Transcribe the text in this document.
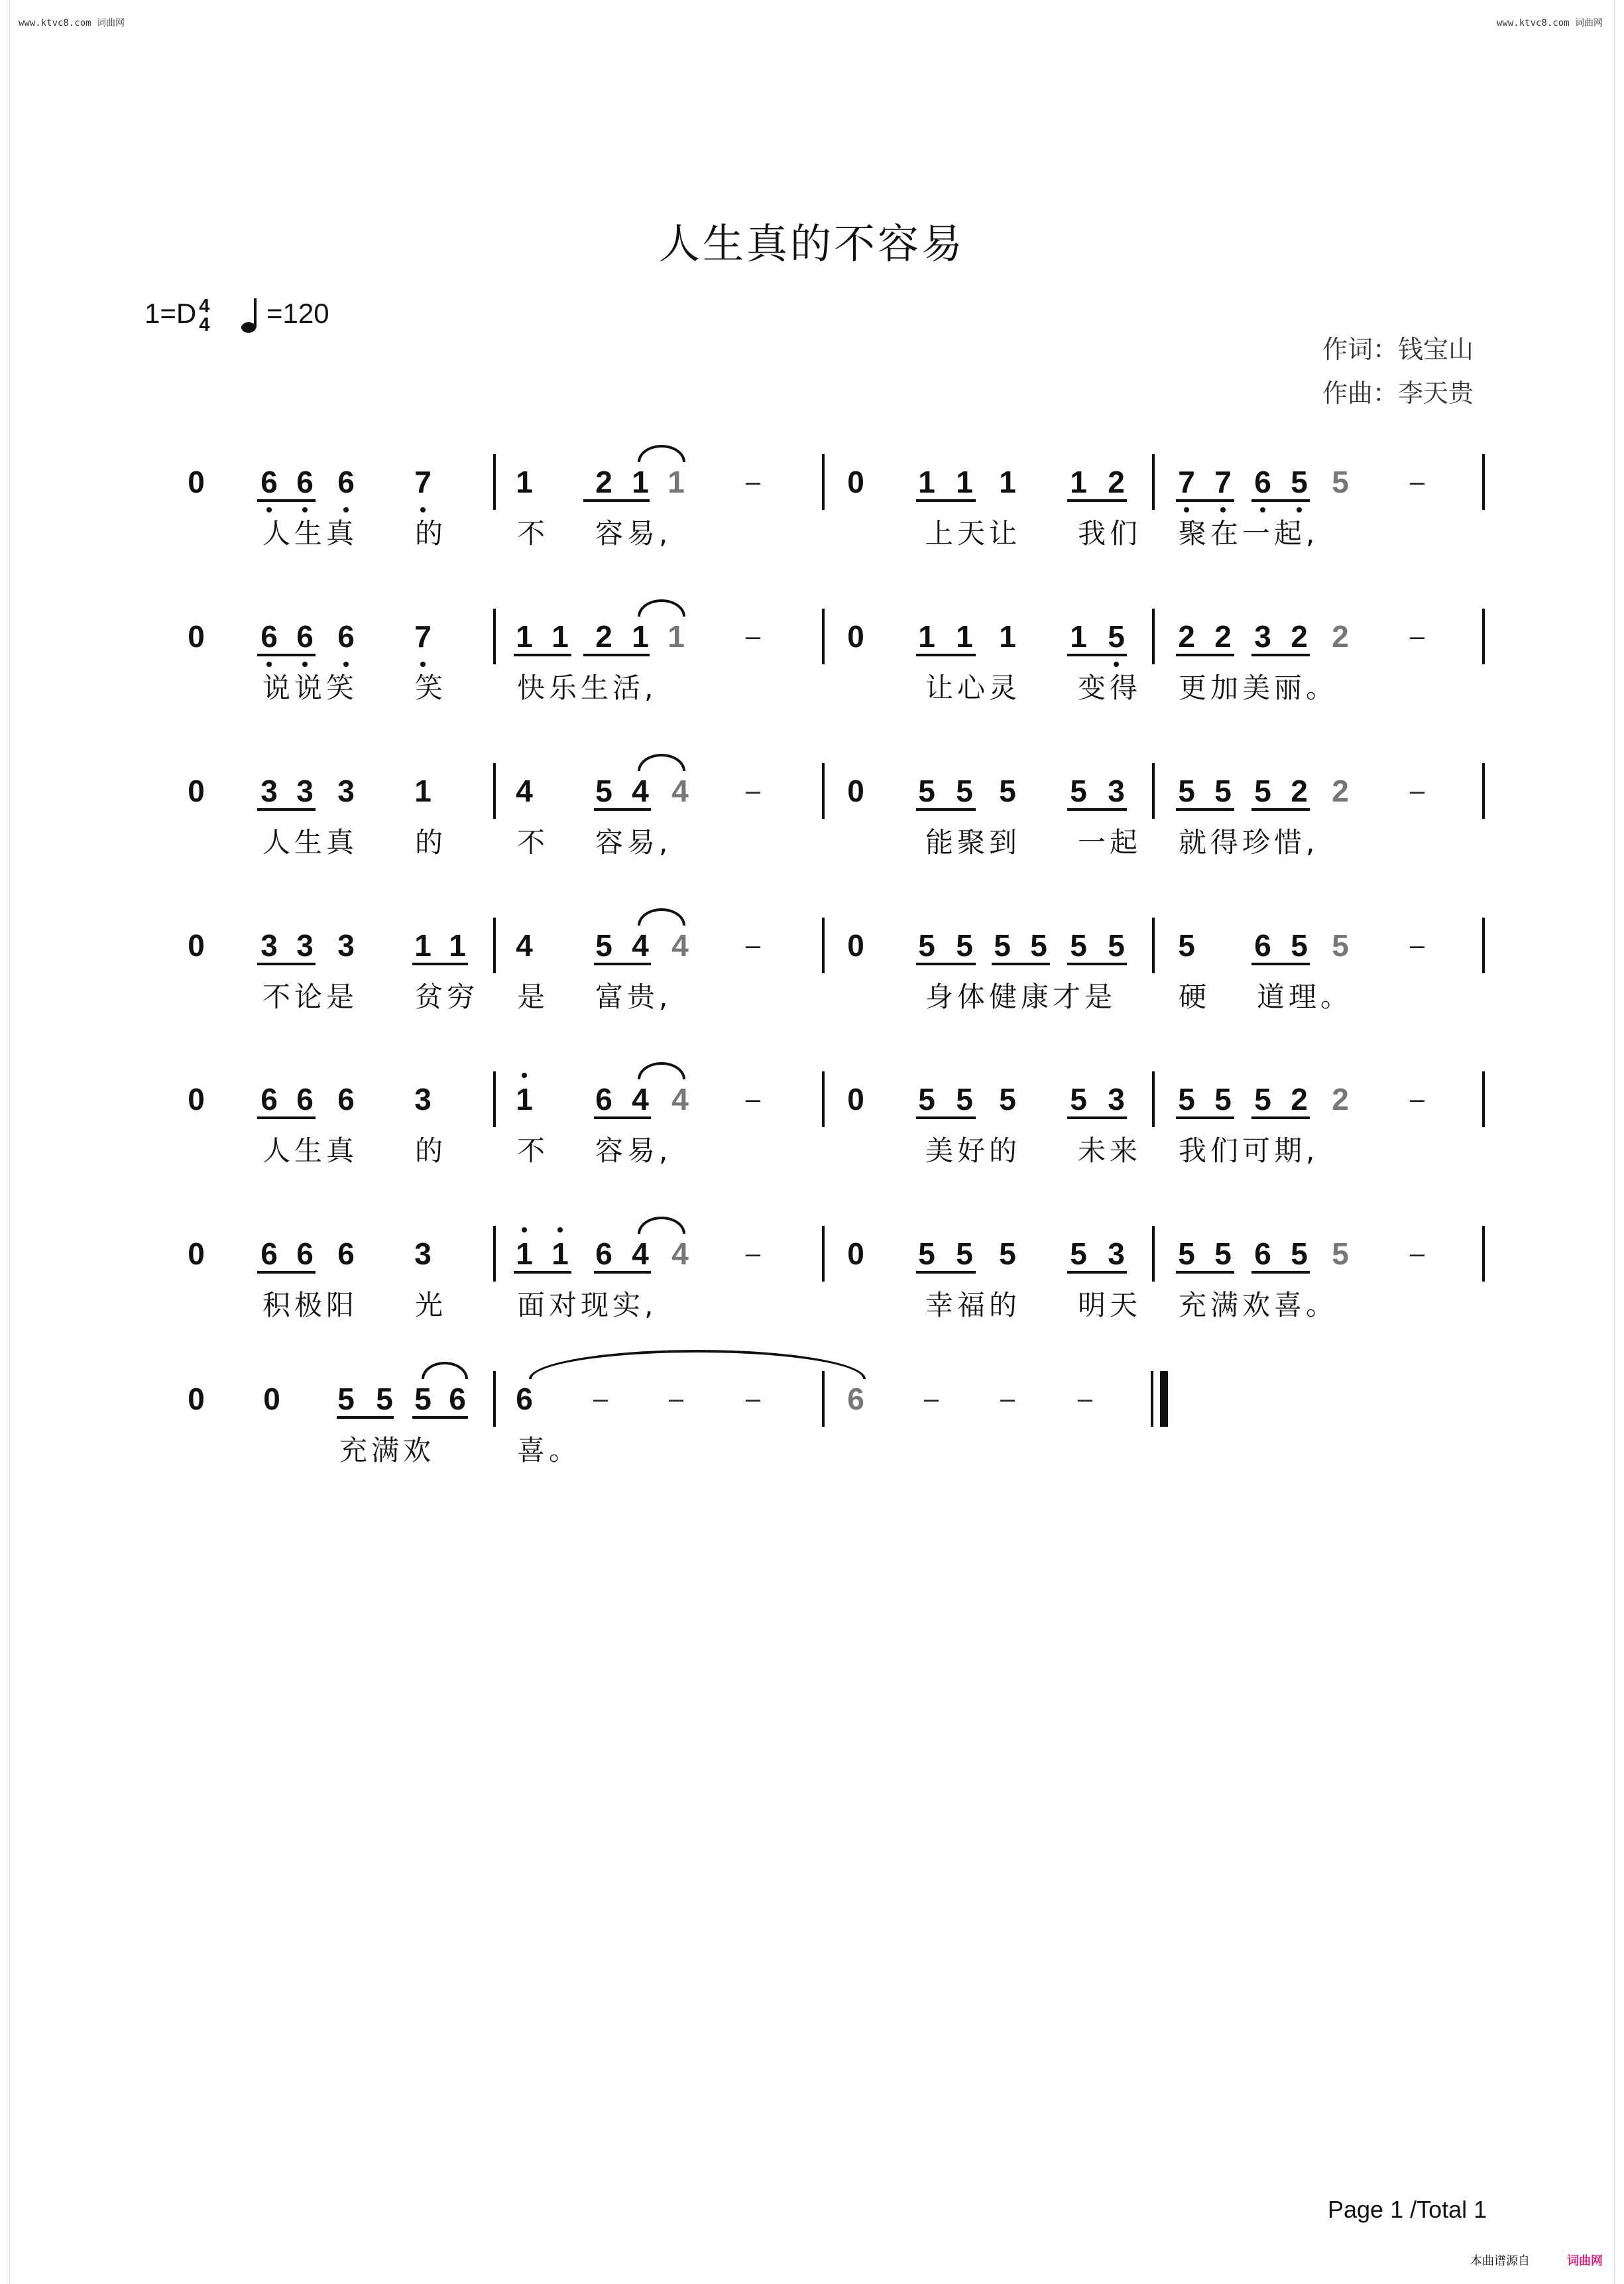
www.ktvc8.com 词曲网	www.ktvc8.com 词曲网
人生真的不容易
1=D 4
4 =120
作词：钱宝山
作曲：李天贵
0 6 6 6 7	1 2 1 1 –	0 1 1 1 1 2 7 7 6 5 5 –
0 6 6 6 7	1 1 2 1 1 –	0 1 1 1 1 5 2 2 3 2 2 –
0 3 3 3 1	4 5 4 4 –	0 5 5 5 5 3 5 5 5 2 2 –
0 3 3 3 1 1 4 5 4 4 –	0 5 5 5 5 5 5 5 6 5 5 –
0 6 6 6 3	1 6 4 4 –	0 5 5 5 5 3 5 5 5 2 2 –
0 6 6 6 3	1 1 6 4 4 –	0 5 5 5 5 3 5 5 6 5 5 –
0 0 5 5 5 6 6 – – –	6 – – –
人生真 的	不 容易,	上天让 我们 聚在一起,
说说笑 笑	快乐生活,	让心灵 变得 更加美丽。
人生真 的	不 容易,	能聚到 一起 就得珍惜,
不论是 贫穷 是 富贵,	身体健康才是 硬 道理。
人生真 的	不 容易,	美好的 未来 我们可期,
积极阳 光	面对现实,	幸福的 明天 充满欢喜。
充满欢	喜。
Page 1 /Total 1
本曲谱源自	词曲网
